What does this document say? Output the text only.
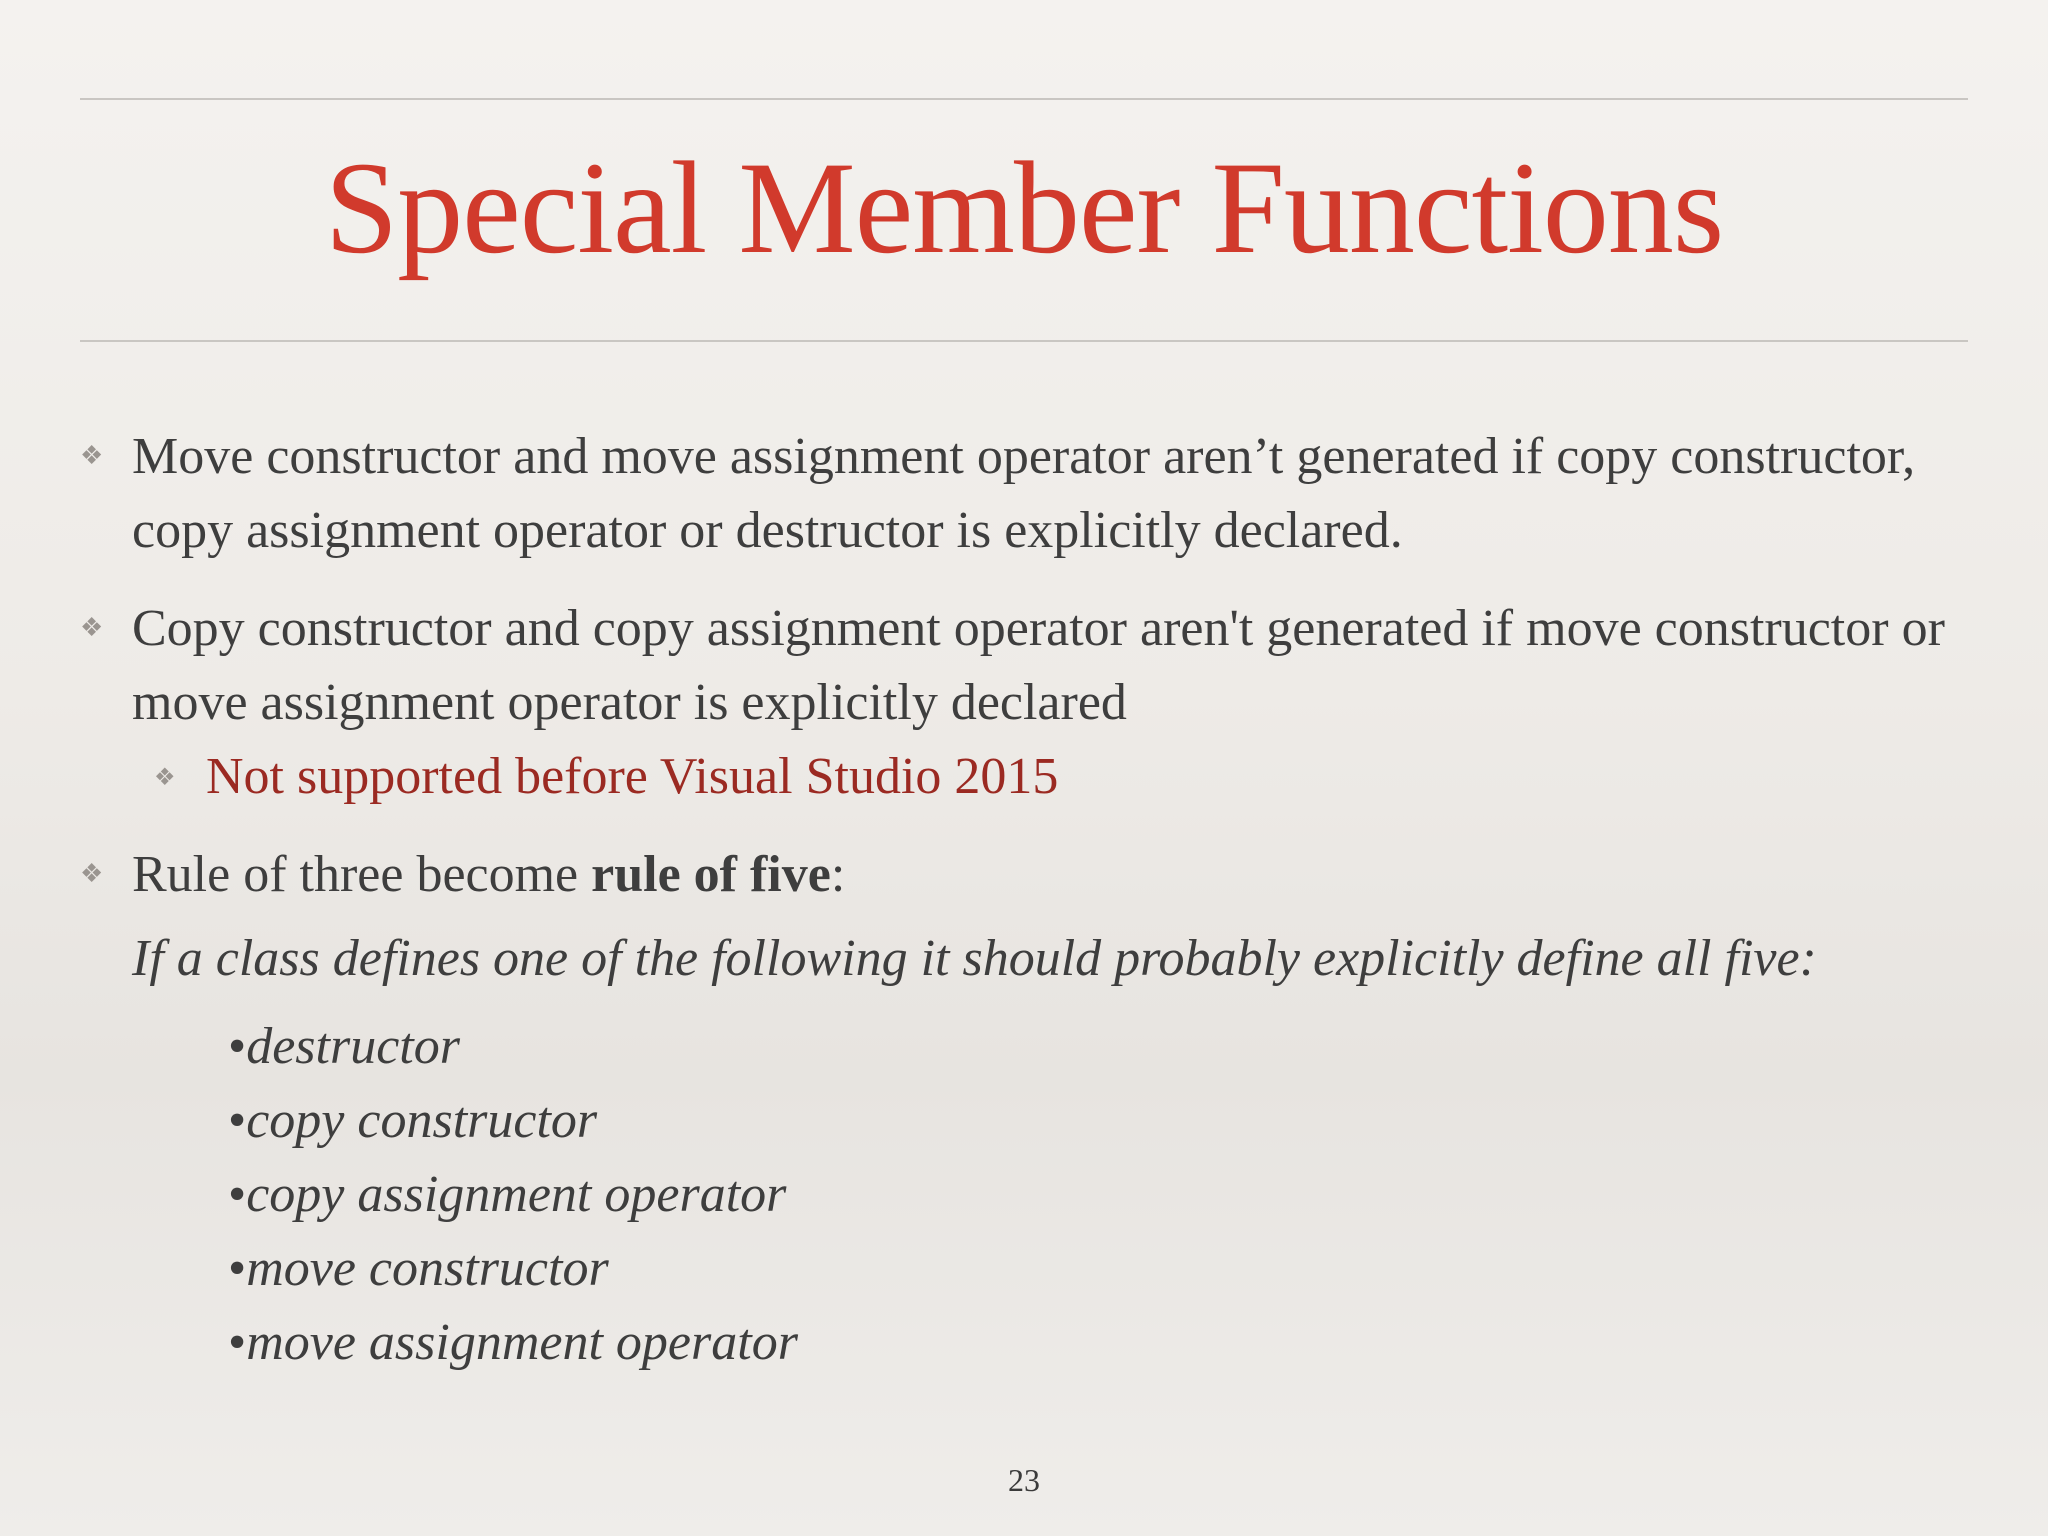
Special Member Functions
❖ Move constructor and move assignment operator aren’t generated if copy constructor, copy assignment operator or destructor is explicitly declared.
❖ Copy constructor and copy assignment operator aren't generated if move constructor or move assignment operator is explicitly declared
❖ Not supported before Visual Studio 2015
❖ Rule of three become rule of five:
If a class defines one of the following it should probably explicitly define all five:
•destructor
•copy constructor
•copy assignment operator
•move constructor
•move assignment operator
23
